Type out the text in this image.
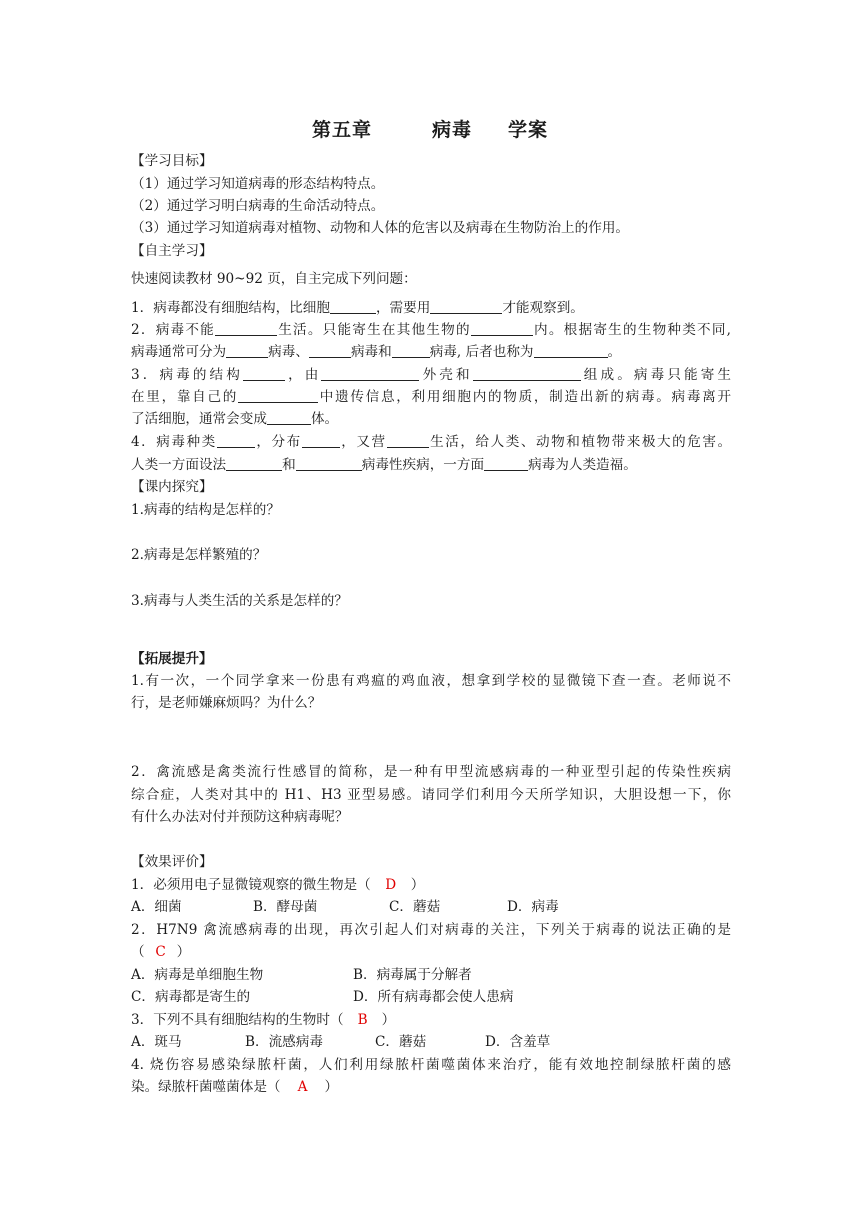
第五章	病毒 学案
【学习目标】
（1）通过学习知道病毒的形态结构特点。
（2）通过学习明白病毒的生命活动特点。
（3）通过学习知道病毒对植物、动物和人体的危害以及病毒在生物防治上的作用。
【自主学习】
快速阅读教材 90~92 页，自主完成下列问题：
1．病毒都没有细胞结构，比细胞	，需要用	才能观察到。
2．病毒不能	生活。只能寄生在其他生物的	内。根据寄生的生物种类不同,
病毒通常可分为	病毒、	病毒和	病毒, 后者也称为	。
3．病毒的结构	，由	外壳和	组成。病毒只能寄生
在里，靠自己的	中遗传信息，利用细胞内的物质，制造出新的病毒。病毒离开
了活细胞，通常会变成	体。
4．病毒种类	，分布	，又营	生活，给人类、动物和植物带来极大的危害。
人类一方面设法	和	病毒性疾病，一方面	病毒为人类造福。
【课内探究】
1.病毒的结构是怎样的？
2.病毒是怎样繁殖的？
3.病毒与人类生活的关系是怎样的？
【拓展提升】
1.有一次，一个同学拿来一份患有鸡瘟的鸡血液，想拿到学校的显微镜下查一查。老师说不
行，是老师嫌麻烦吗？为什么？
2．禽流感是禽类流行性感冒的简称，是一种有甲型流感病毒的一种亚型引起的传染性疾病
综合症，人类对其中的 H1、H3 亚型易感。请同学们利用今天所学知识，大胆设想一下，你
有什么办法对付并预防这种病毒呢？
【效果评价】
1．必须用电子显微镜观察的微生物是（ D ）
A．细菌	B．酵母菌	C．蘑菇	D．病毒
2．H7N9 禽流感病毒的出现，再次引起人们对病毒的关注，下列关于病毒的说法正确的是
（ C ）
A．病毒是单细胞生物	B．病毒属于分解者
C．病毒都是寄生的	D．所有病毒都会使人患病
3．下列不具有细胞结构的生物时（ B ）
A．斑马	B．流感病毒	C．蘑菇	D．含羞草
4. 烧伤容易感染绿脓杆菌，人们利用绿脓杆菌噬菌体来治疗，能有效地控制绿脓杆菌的感
染。绿脓杆菌噬菌体是（ A ）
